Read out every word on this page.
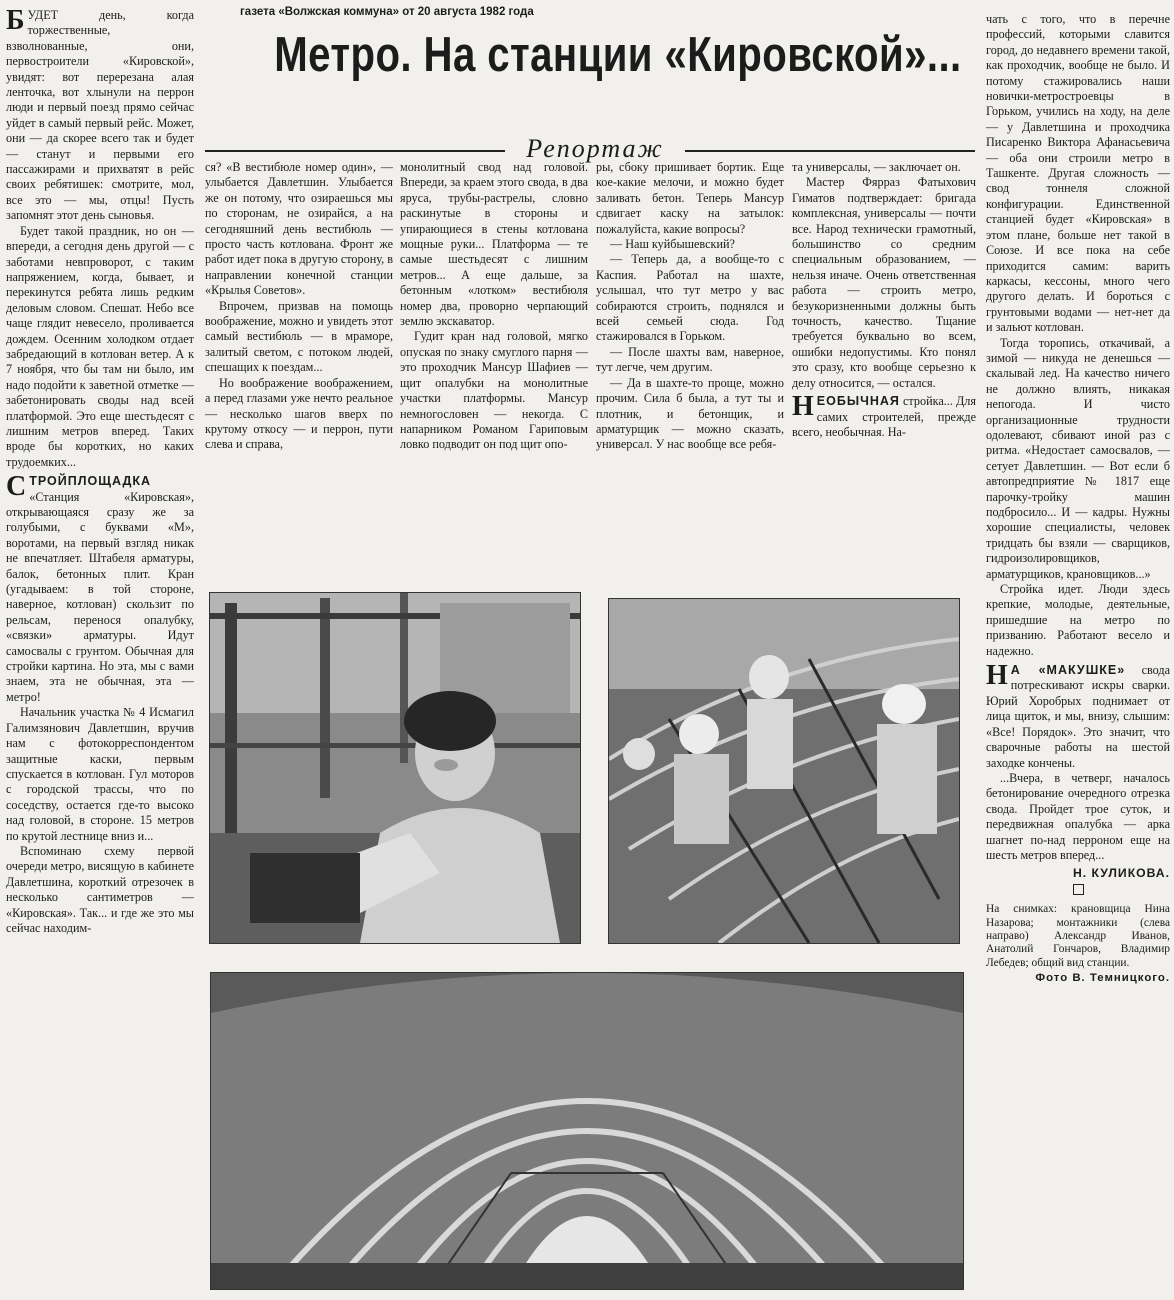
газета «Волжская коммуна» от 20 августа 1982 года
Метро. На станции «Кировской»...
Репортаж

БУДЕТ день, когда торжественные, взволнованные, они, первостроители «Кировской», увидят: вот перерезана алая ленточка, вот хлынули на перрон люди и первый поезд прямо сейчас уйдет в самый первый рейс. Может, они — да скорее всего так и будет — станут и первыми его пассажирами и прихватят в рейс своих ребятишек: смотрите, мол, все это — мы, отцы! Пусть запомнят этот день сыновья.

Будет такой праздник, но он — впереди, а сегодня день другой — с заботами невпроворот, с таким напряжением, когда, бывает, и перекинутся ребята лишь редким деловым словом. Спешат. Небо все чаще глядит невесело, проливается дождем. Осенним холодком отдает забредающий в котлован ветер. А к 7 ноября, что бы там ни было, им надо подойти к заветной отметке — забетонировать своды над всей платформой. Это еще шестьдесят с лишним метров вперед. Таких вроде бы коротких, но каких трудоемких...

СТРОЙПЛОЩАДКА
«Станция «Кировская», открывающаяся сразу же за голубыми, с буквами «М», воротами, на первый взгляд никак не впечатляет. Штабеля арматуры, балок, бетонных плит. Кран (угадываем: в той стороне, наверное, котлован) скользит по рельсам, перенося опалубку, «связки» арматуры. Идут самосвалы с грунтом. Обычная для стройки картина. Но эта, мы с вами знаем, эта не обычная, эта — метро!

Начальник участка № 4 Исмагил Галимзянович Давлетшин, вручив нам с фотокорреспондентом защитные каски, первым спускается в котлован. Гул моторов с городской трассы, что по соседству, остается где-то высоко над головой, в стороне. 15 метров по крутой лестнице вниз и...

Вспоминаю схему первой очереди метро, висящую в кабинете Давлетшина, короткий отрезочек в несколько сантиметров — «Кировская». Так... и где же это мы сейчас находим-

ся? «В вестибюле номер один», — улыбается Давлетшин. Улыбается же он потому, что озираешься мы по сторонам, не озирайся, а на сегодняшний день вестибюль — просто часть котлована. Фронт же работ идет пока в другую сторону, в направлении конечной станции «Крылья Советов».

Впрочем, призвав на помощь воображение, можно и увидеть этот самый вестибюль — в мраморе, залитый светом, с потоком людей, спешащих к поездам...

Но воображение воображением, а перед глазами уже нечто реальное — несколько шагов вверх по крутому откосу — и перрон, пути слева и справа,

монолитный свод над головой. Впереди, за краем этого свода, в два яруса, трубы-растрелы, словно раскинутые в стороны и упирающиеся в стены котлована мощные руки... Платформа — те самые шестьдесят с лишним метров... А еще дальше, за бетонным «лотком» вестибюля номер два, проворно черпающий землю экскаватор.

Гудит кран над головой, мягко опуская по знаку смуглого парня — это проходчик Мансур Шафиев — щит опалубки на монолитные участки платформы. Мансур немногословен — некогда. С напарником Романом Гариповым ловко подводит он под щит опо-

ры, сбоку пришивает бортик. Еще кое-какие мелочи, и можно будет заливать бетон. Теперь Мансур сдвигает каску на затылок: пожалуйста, какие вопросы?

— Наш куйбышевский?

— Теперь да, а вообще-то с Каспия. Работал на шахте, услышал, что тут метро у вас собираются строить, поднялся и всей семьей сюда. Год стажировался в Горьком.

— После шахты вам, наверное, тут легче, чем другим.

— Да в шахте-то проще, можно прочим. Сила б была, а тут ты и плотник, и бетонщик, и арматурщик — можно сказать, универсал. У нас вообще все ребя-

та универсалы, — заключает он.

Мастер Фярраз Фатыхович Гиматов подтверждает: бригада комплексная, универсалы — почти все. Народ технически грамотный, большинство со средним специальным образованием, — нельзя иначе. Очень ответственная работа — строить метро, безукоризненными должны быть точность, качество. Тщание требуется буквально во всем, ошибки недопустимы. Кто понял это сразу, кто вообще серьезно к делу относится, — остался.

НЕОБЫЧНАЯ стройка... Для самих строителей, прежде всего, необычная. На-

чать с того, что в перечне профессий, которыми славится город, до недавнего времени такой, как проходчик, вообще не было. И потому стажировались наши новички-метростроевцы в Горьком, учились на ходу, на деле — у Давлетшина и проходчика Писаренко Виктора Афанасьевича — оба они строили метро в Ташкенте. Другая сложность — свод тоннеля сложной конфигурации. Единственной станцией будет «Кировская» в этом плане, больше нет такой в Союзе. И все пока на себе приходится самим: варить каркасы, кессоны, много чего другого делать. И бороться с грунтовыми водами — нет-нет да и зальют котлован.

Тогда торопись, откачивай, а зимой — никуда не денешься — скалывай лед. На качество ничего не должно влиять, никакая непогода. И чисто организационные трудности одолевают, сбивают иной раз с ритма. «Недостает самосвалов, — сетует Давлетшин. — Вот если б автопредприятие № 1817 еще парочку-тройку машин подбросило... И — кадры. Нужны хорошие специалисты, человек тридцать бы взяли — сварщиков, гидроизолировщиков, арматурщиков, крановщиков...»

Стройка идет. Люди здесь крепкие, молодые, деятельные, пришедшие на метро по призванию. Работают весело и надежно.

Н А «МАКУШКЕ» свода потрескивают искры сварки. Юрий Хоробрых поднимает от лица щиток, и мы, внизу, слышим: «Все! Порядок». Это значит, что сварочные работы на шестой заходке кончены.

...Вчера, в четверг, началось бетонирование очередного отрезка свода. Пройдет трое суток, и передвижная опалубка — арка шагнет по-над перроном еще на шесть метров вперед...

Н. КУЛИКОВА.

На снимках: крановщица Нина Назарова; монтажники (слева направо) Александр Иванов, Анатолий Гончаров, Владимир Лебедев; общий вид станции.

Фото В. Темницкого.
